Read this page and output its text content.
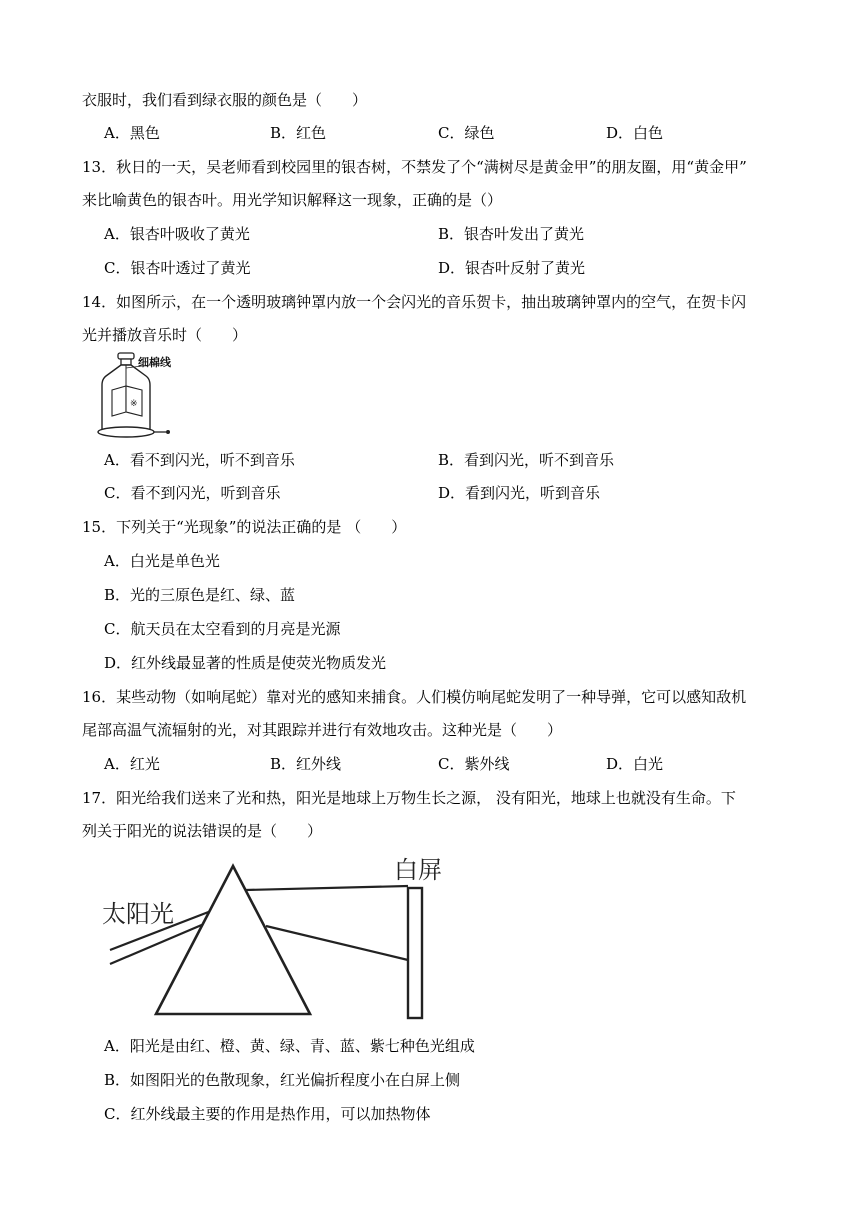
衣服时，我们看到绿衣服的颜色是（　　）
A．黑色	B．红色	C．绿色	D．白色
13．秋日的一天，吴老师看到校园里的银杏树，不禁发了个“满树尽是黄金甲”的朋友圈，用“黄金甲”
来比喻黄色的银杏叶。用光学知识解释这一现象，正确的是（）
A．银杏叶吸收了黄光	B．银杏叶发出了黄光
C．银杏叶透过了黄光	D．银杏叶反射了黄光
14．如图所示，在一个透明玻璃钟罩内放一个会闪光的音乐贺卡，抽出玻璃钟罩内的空气，在贺卡闪
光并播放音乐时（　　）
※
细棉线
A．看不到闪光，听不到音乐	B．看到闪光，听不到音乐
C．看不到闪光，听到音乐	D．看到闪光，听到音乐
15．下列关于“光现象”的说法正确的是 （　　）
A．白光是单色光
B．光的三原色是红、绿、蓝
C．航天员在太空看到的月亮是光源
D．红外线最显著的性质是使荧光物质发光
16．某些动物（如响尾蛇）靠对光的感知来捕食。人们模仿响尾蛇发明了一种导弹，它可以感知敌机
尾部高温气流辐射的光，对其跟踪并进行有效地攻击。这种光是（　　）
A．红光	B．红外线	C．紫外线	D．白光
17．阳光给我们送来了光和热，阳光是地球上万物生长之源， 没有阳光，地球上也就没有生命。下
列关于阳光的说法错误的是（　　）
白屏
太阳光
A．阳光是由红、橙、黄、绿、青、蓝、紫七种色光组成
B．如图阳光的色散现象，红光偏折程度小在白屏上侧
C．红外线最主要的作用是热作用，可以加热物体
